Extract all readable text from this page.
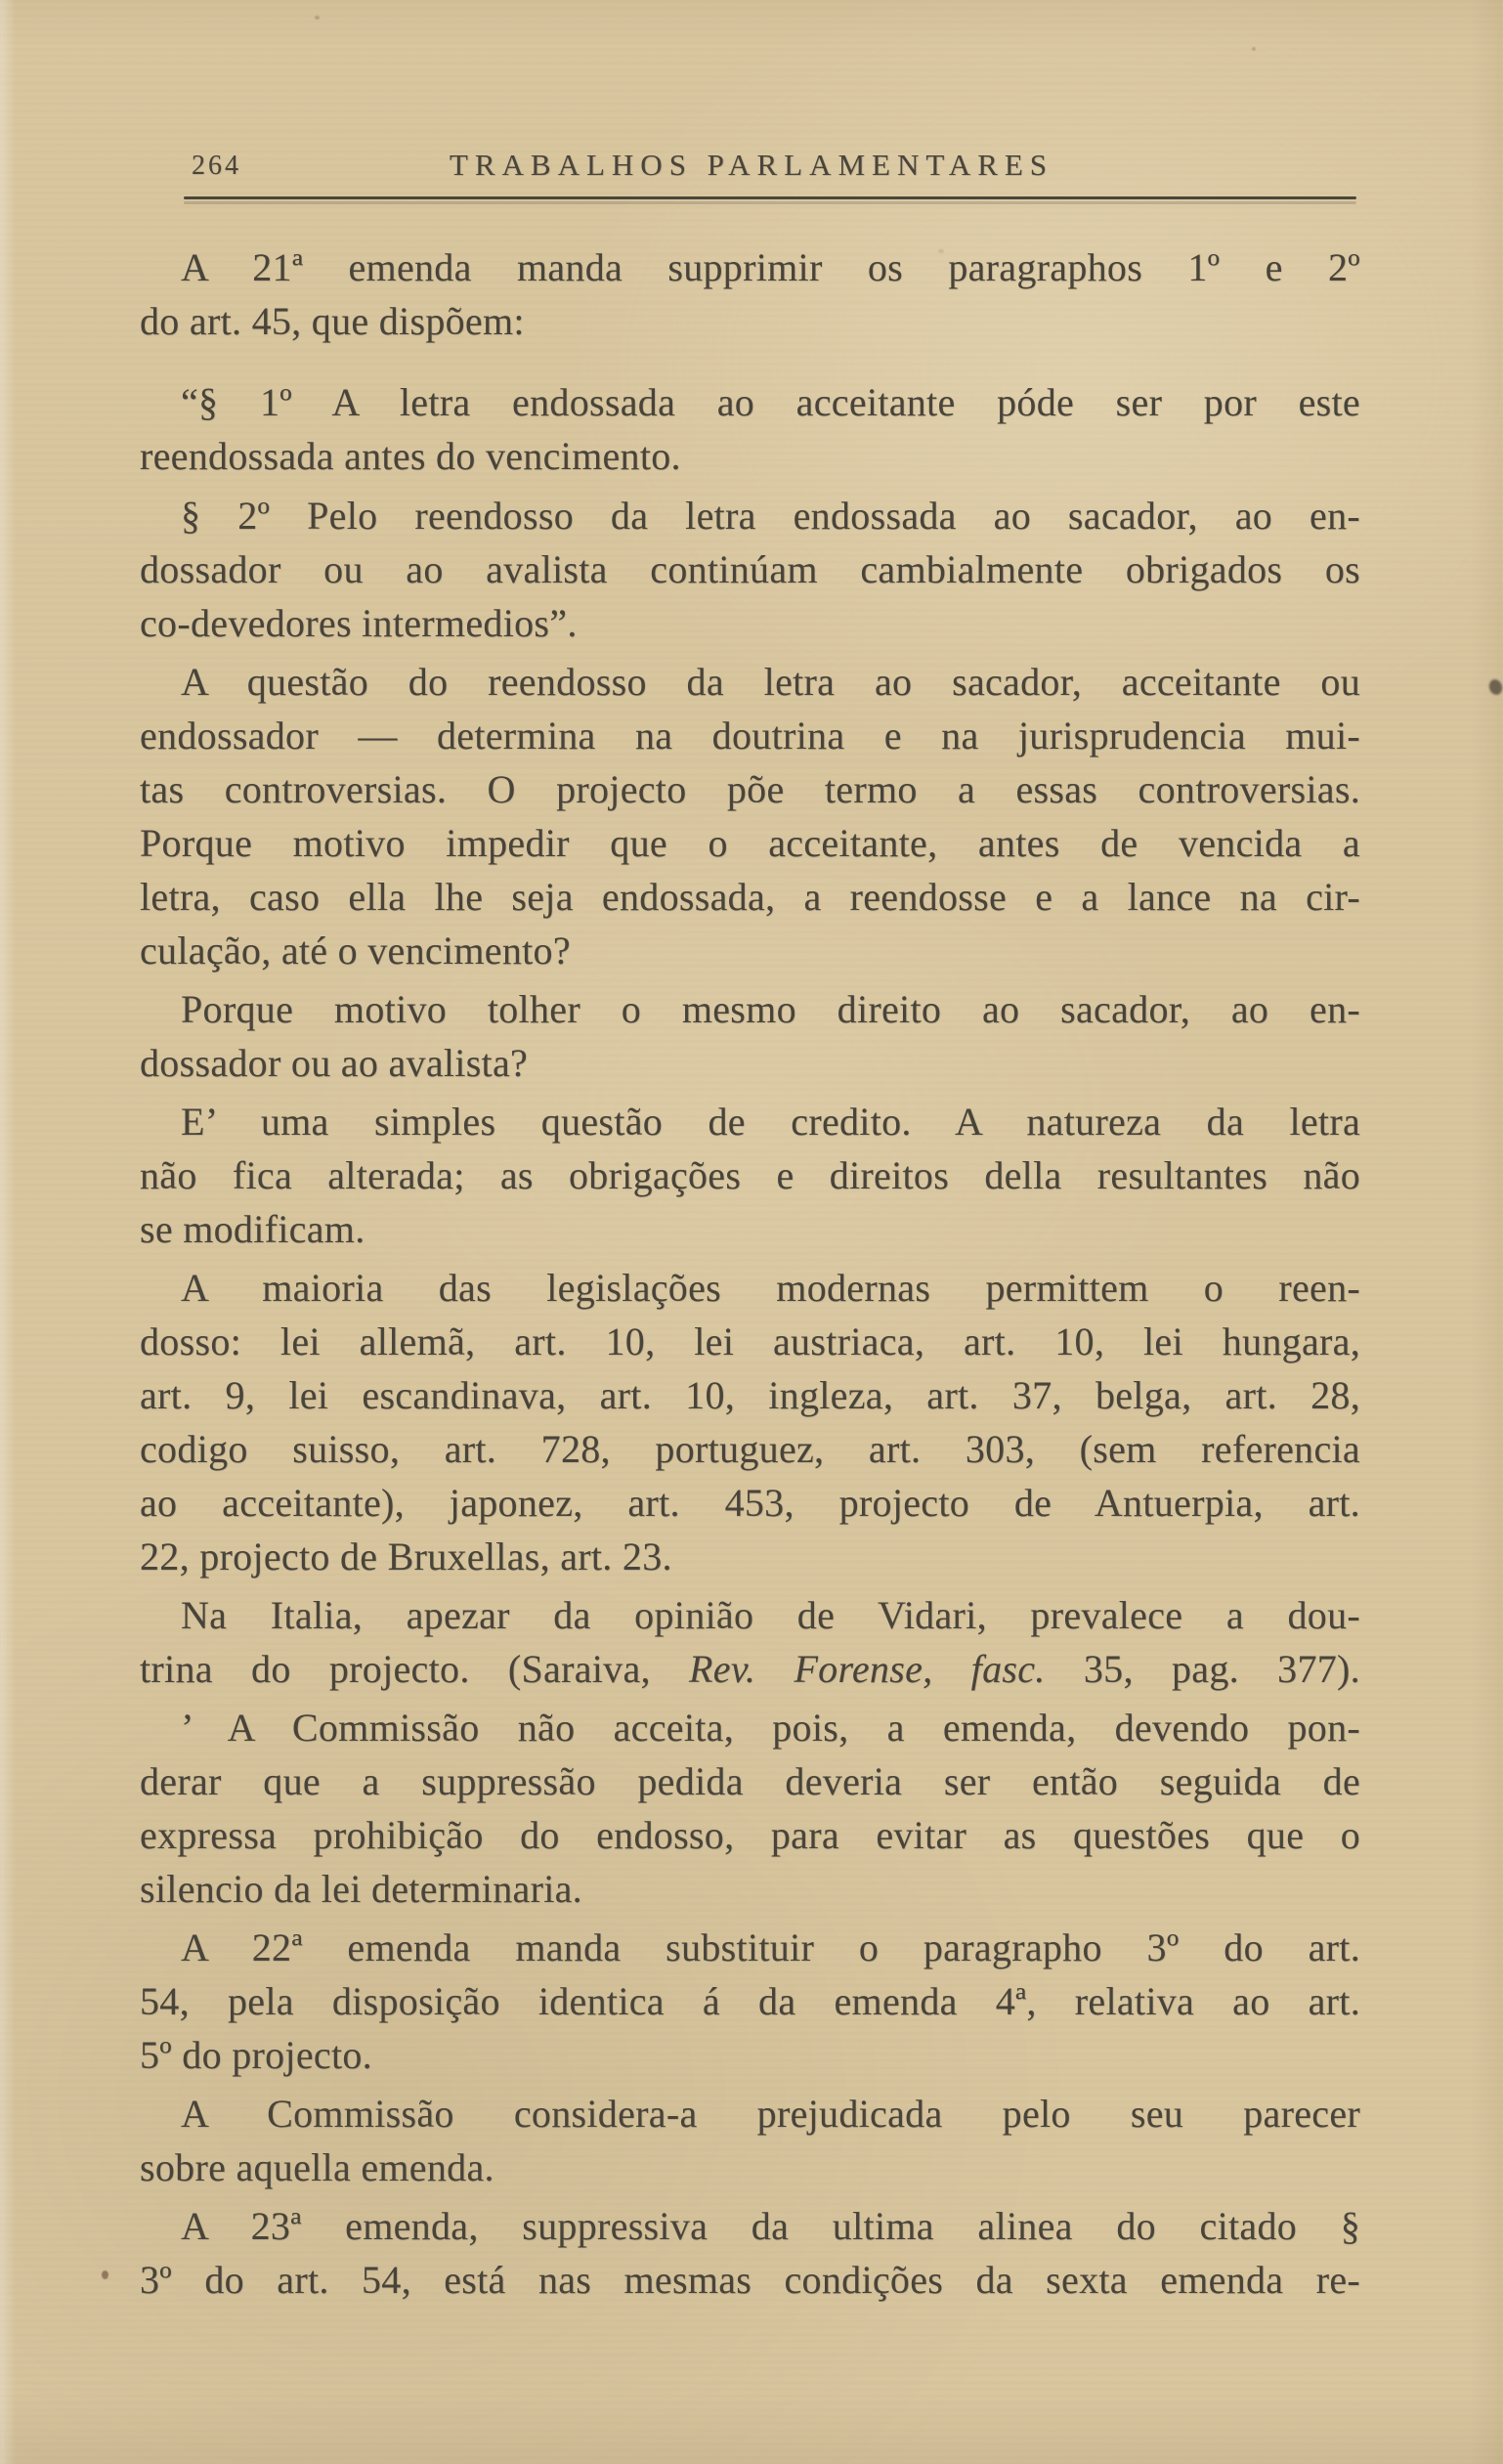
264	TRABALHOS PARLAMENTARES
A 21ª emenda manda supprimir os paragraphos 1º e 2º
do art. 45, que dispõem:
“§ 1º A letra endossada ao acceitante póde ser por este
reendossada antes do vencimento.
§ 2º Pelo reendosso da letra endossada ao sacador, ao en-
dossador ou ao avalista continúam cambialmente obrigados os
co-devedores intermedios”.
A questão do reendosso da letra ao sacador, acceitante ou
endossador — determina na doutrina e na jurisprudencia mui-
tas controversias. O projecto põe termo a essas controversias.
Porque motivo impedir que o acceitante, antes de vencida a
letra, caso ella lhe seja endossada, a reendosse e a lance na cir-
culação, até o vencimento?
Porque motivo tolher o mesmo direito ao sacador, ao en-
dossador ou ao avalista?
E’ uma simples questão de credito. A natureza da letra
não fica alterada; as obrigações e direitos della resultantes não
se modificam.
A maioria das legislações modernas permittem o reen-
dosso: lei allemã, art. 10, lei austriaca, art. 10, lei hungara,
art. 9, lei escandinava, art. 10, ingleza, art. 37, belga, art. 28,
codigo suisso, art. 728, portuguez, art. 303, (sem referencia
ao acceitante), japonez, art. 453, projecto de Antuerpia, art.
22, projecto de Bruxellas, art. 23.
Na Italia, apezar da opinião de Vidari, prevalece a dou-
trina do projecto. (Saraiva, Rev. Forense, fasc. 35, pag. 377).
’ A Commissão não acceita, pois, a emenda, devendo pon-
derar que a suppressão pedida deveria ser então seguida de
expressa prohibição do endosso, para evitar as questões que o
silencio da lei determinaria.
A 22ª emenda manda substituir o paragrapho 3º do art.
54, pela disposição identica á da emenda 4ª, relativa ao art.
5º do projecto.
A Commissão considera-a prejudicada pelo seu parecer
sobre aquella emenda.
A 23ª emenda, suppressiva da ultima alinea do citado §
3º do art. 54, está nas mesmas condições da sexta emenda re-
